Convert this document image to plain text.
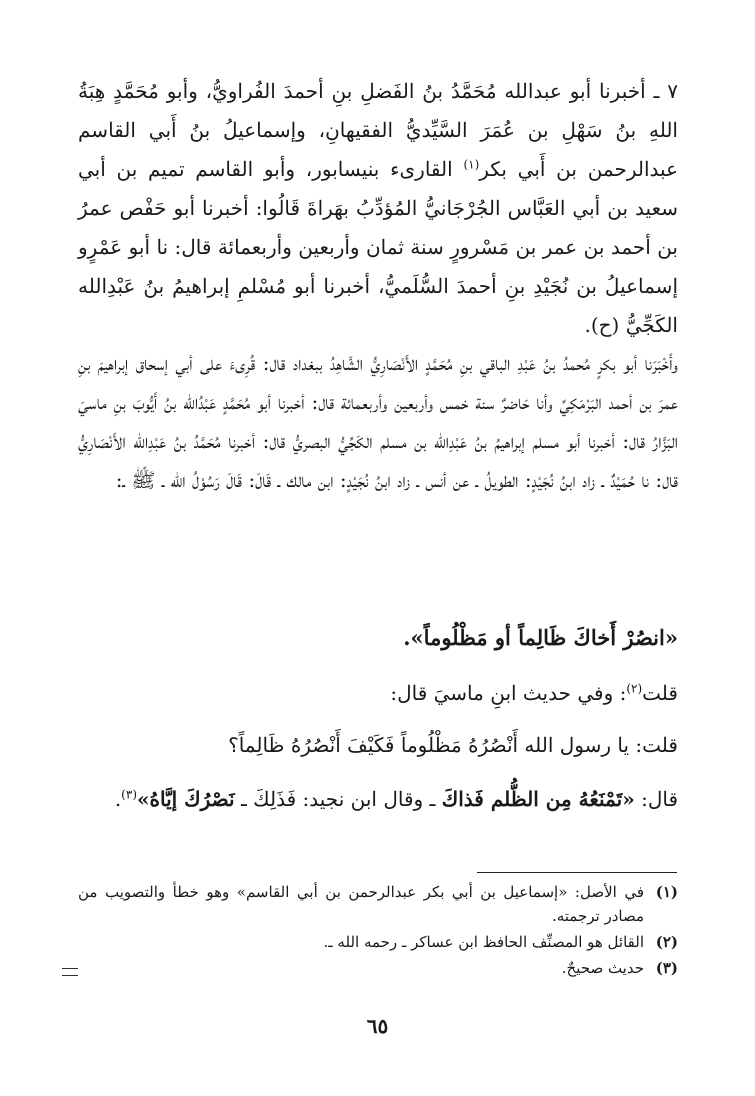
٧ ـ أخبرنا أبو عبدالله مُحَمَّدُ بنُ الفَضلِ بنِ أحمدَ الفُراويُّ، وأبو مُحَمَّدٍ هِبَةُ اللهِ بنُ سَهْلِ بن عُمَرَ السَّيِّديُّ الفقيهانِ، وإسماعيلُ بنُ أَبي القاسم عبدالرحمن بن أَبي بكر$^{(١)}$ القارىء بنيسابور، وأبو القاسم تميم بن أبي سعيد بن أبي العَبَّاس الجُرْجَانيُّ المُؤدِّبُ بهَراةَ قَالُوا: أخبرنا أبو حَفْص عمرُ بن أحمد بن عمر بن مَسْرورٍ سنة ثمان وأربعين وأربعمائة قال: نا أبو عَمْرٍو إسماعيلُ بن نُجَيْدِ بنِ أحمدَ السُّلَميُّ، أخبرنا أبو مُسْلمِ إبراهيمُ بنُ عَبْدِالله الكَجِّيُّ (ح).

وأَخْبَرَنا أبو بكرٍ مُحمدُ بنُ عَبْدِ الباقي بنِ مُحَمَّدٍ الأَنْصَارِيُّ الشَّاهِدُ ببغداد قال: قُرِىءَ على أبي إسحاق إبراهيمَ بنِ عمرَ بن أحمد البَرْمَكِيِّ وأنا حَاضرٌ سنة خمس وأربعين وأربعمائة قال: أخبرنا أبو مُحَمَّدٍ عَبْدُالله بنُ أَيُّوبَ بنِ ماسيَ البَزَّارُ قال: أخبرنا أبو مسلم إبراهيمُ بنُ عَبْدِالله بن مسلم الكَجِّيُّ البصريُّ قال: أخبرنا مُحَمَّدُ بنُ عَبْدِالله الأَنْصَارِيُّ قال: نا حُمَيْدٌ ـ زاد ابنُ نُجَيْدٍ: الطويلُ ـ عن أنس ـ زاد ابنُ نُجَيْدٍ: ابن مالك ـ قَالَ: قَالَ رَسُوْلُ الله ـ ﷺ ـ:

«انصُرْ أَخاكَ ظَالِماً أو مَظْلُوماً».

قلت$^{(٢)}$: وفي حديث ابنِ ماسيَ قال:

قلت: يا رسول الله أَنْصُرُهُ مَظْلُوماً فَكَيْفَ أَنْصُرُهُ ظَالِماً؟

قال: «تَمْنَعُهُ مِن الظُّلم فَذاكَ ـ وقال ابن نجيد: فَذَلِكَ ـ نَصْرُكَ إيَّاهُ»$^{(٣)}$.

(١)
في الأصل: «إسماعيل بن أبي بكر عبدالرحمن بن أبي القاسم» وهو خطأ والتصويب من مصادر ترجمته.
(٢)
القائل هو المصنِّف الحافظ ابن عساكر ـ رحمه الله ـ.
(٣)
حديث صحيحٌ.
٦٥
